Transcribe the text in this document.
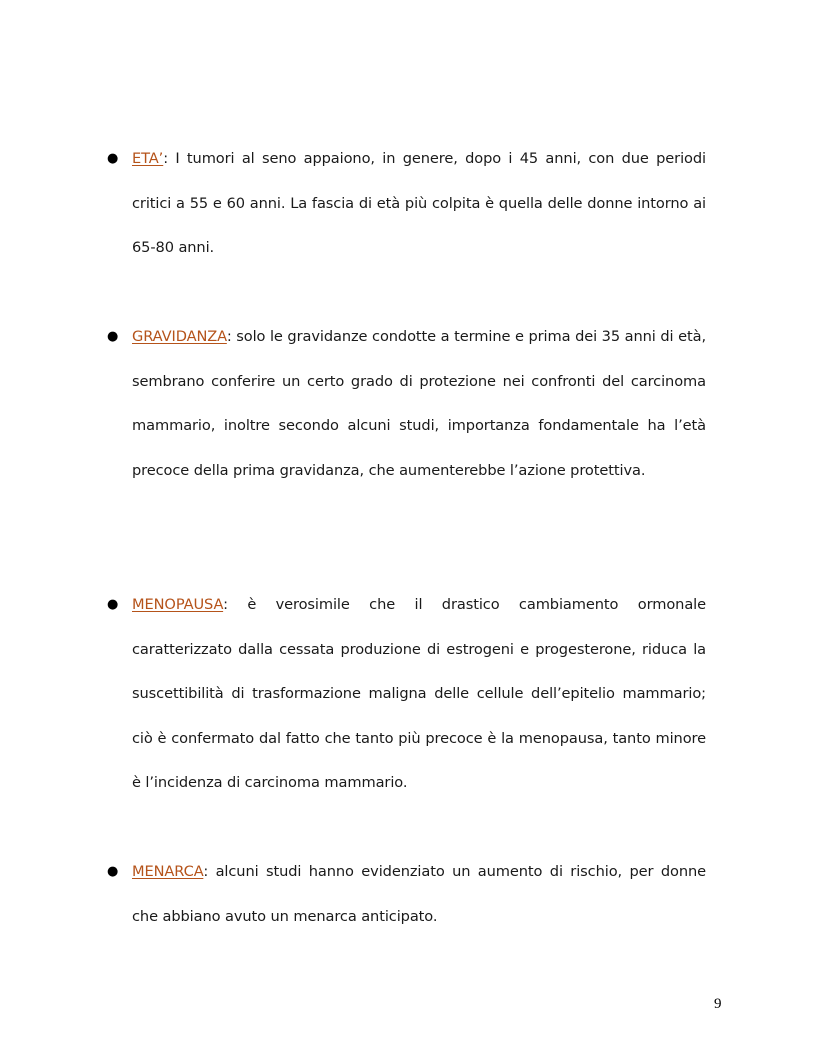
● ETA’: I tumori al seno appaiono, in genere, dopo i 45 anni, con due periodi critici a 55 e 60 anni. La fascia di età più colpita è quella delle donne intorno ai 65-80 anni.

● GRAVIDANZA: solo le gravidanze condotte a termine e prima dei 35 anni di età, sembrano conferire un certo grado di protezione nei confronti del carcinoma mammario, inoltre secondo alcuni studi, importanza fondamentale ha l’età precoce della prima gravidanza, che aumenterebbe l’azione protettiva.

● MENOPAUSA: è verosimile che il drastico cambiamento ormonale caratterizzato dalla cessata produzione di estrogeni e progesterone, riduca la suscettibilità di trasformazione maligna delle cellule dell’epitelio mammario; ciò è confermato dal fatto che tanto più precoce è la menopausa, tanto minore è l’incidenza di carcinoma mammario.

● MENARCA: alcuni studi hanno evidenziato un aumento di rischio, per donne che abbiano avuto un menarca anticipato.

9
